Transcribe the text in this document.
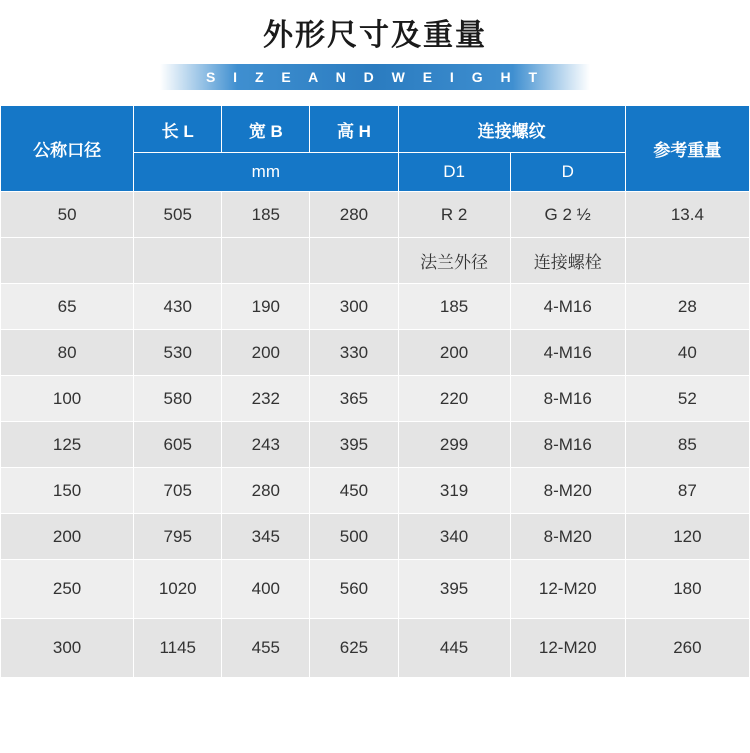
外形尺寸及重量
S I Z E A N D W E I G H T
公称口径	长 L	宽 B	高 H	连接螺纹		参考重量
	mm			D1	D	
50	505	185	280	R 2	G 2 ½	13.4
				法兰外径	连接螺栓	
65	430	190	300	185	4-M16	28
80	530	200	330	200	4-M16	40
100	580	232	365	220	8-M16	52
125	605	243	395	299	8-M16	85
150	705	280	450	319	8-M20	87
200	795	345	500	340	8-M20	120
250	1020	400	560	395	12-M20	180
300	1145	455	625	445	12-M20	260
